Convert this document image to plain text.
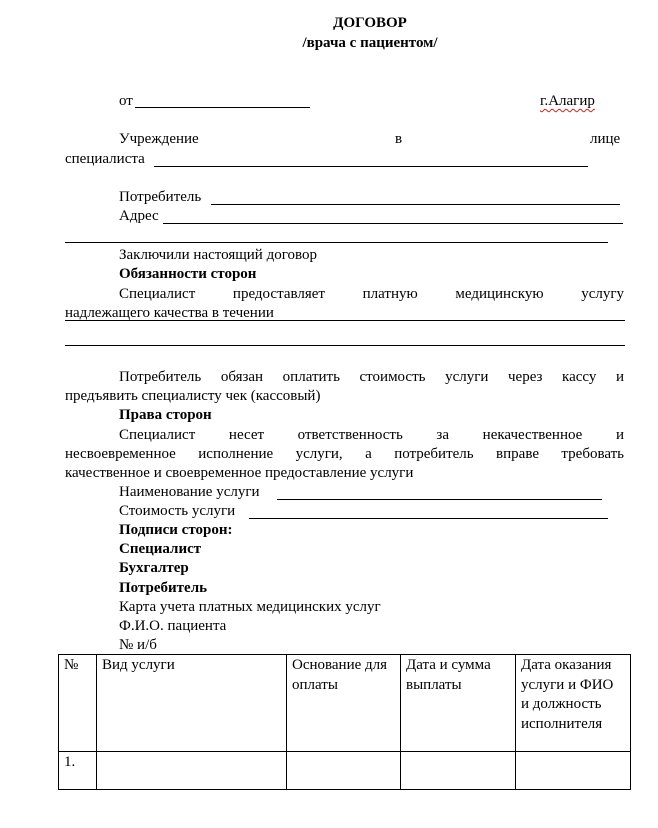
ДОГОВОР
/врача с пациентом/
от	г.Алагир
Учреждение	в	лице
специалиста
Потребитель
Адрес
Заключили настоящий договор
Обязанности сторон
Специалист предоставляет платную медицинскую услугу
надлежащего качества в течении
Потребитель обязан оплатить стоимость услуги через кассу и
предъявить специалисту чек (кассовый)
Права сторон
Специалист несет ответственность за некачественное и
несвоевременное исполнение услуги, а потребитель вправе требовать
качественное и своевременное предоставление услуги
Наименование услуги
Стоимость услуги
Подписи сторон:
Специалист
Бухгалтер
Потребитель
Карта учета платных медицинских услуг
Ф.И.О. пациента
№ и/б
№	Вид услуги	Основание для оплаты	Дата и сумма выплаты	Дата оказания услуги и ФИО и должность исполнителя
1.				
